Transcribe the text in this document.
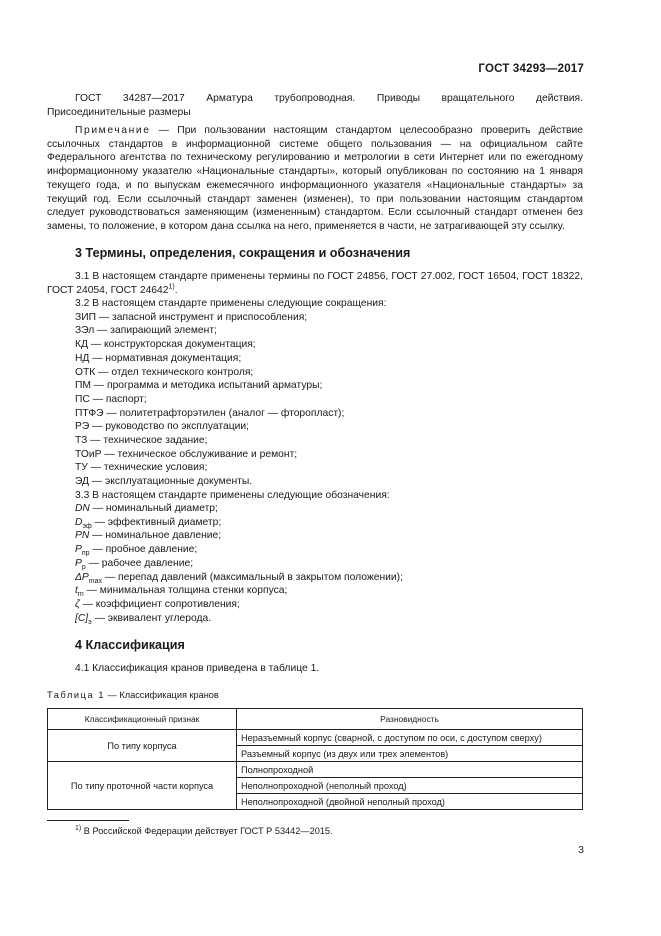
ГОСТ 34293—2017
ГОСТ 34287—2017 Арматура трубопроводная. Приводы вращательного действия.
Присоединительные размеры
Примечание — При пользовании настоящим стандартом целесообразно проверить действие ссылочных стандартов в информационной системе общего пользования — на официальном сайте Федерального агентства по техническому регулированию и метрологии в сети Интернет или по ежегодному информационному указателю «Национальные стандарты», который опубликован по состоянию на 1 января текущего года, и по выпускам ежемесячного информационного указателя «Национальные стандарты» за текущий год. Если ссылочный стандарт заменен (изменен), то при пользовании настоящим стандартом следует руководствоваться заменяющим (измененным) стандартом. Если ссылочный стандарт отменен без замены, то положение, в котором дана ссылка на него, применяется в части, не затрагивающей эту ссылку.
3 Термины, определения, сокращения и обозначения
3.1 В настоящем стандарте применены термины по ГОСТ 24856, ГОСТ 27.002, ГОСТ 16504, ГОСТ 18322, ГОСТ 24054, ГОСТ 24642$^{1)}$.
3.2 В настоящем стандарте применены следующие сокращения:
ЗИП — запасной инструмент и приспособления;
ЗЭл — запирающий элемент;
КД — конструкторская документация;
НД — нормативная документация;
ОТК — отдел технического контроля;
ПМ — программа и методика испытаний арматуры;
ПС — паспорт;
ПТФЭ — политетрафторэтилен (аналог — фторопласт);
РЭ — руководство по эксплуатации;
ТЗ — техническое задание;
ТОиР — техническое обслуживание и ремонт;
ТУ — технические условия;
ЭД — эксплуатационные документы.
3.3 В настоящем стандарте применены следующие обозначения:
DN — номинальный диаметр;
$D_{эф}$ — эффективный диаметр;
PN — номинальное давление;
$P_{пр}$ — пробное давление;
$P_р$ — рабочее давление;
$\Delta P_{max}$ — перепад давлений (максимальный в закрытом положении);
$t_m$ — минимальная толщина стенки корпуса;
ζ — коэффициент сопротивления;
$[C]_э$ — эквивалент углерода.
4 Классификация
4.1 Классификация кранов приведена в таблице 1.
Таблица 1 — Классификация кранов
Классификационный признак	Разновидность
По типу корпуса	Неразъемный корпус (сварной, с доступом по оси, с доступом сверху)
	Разъемный корпус (из двух или трех элементов)
По типу проточной части корпуса	Полнопроходной
	Неполнопроходной (неполный проход)
	Неполнопроходной (двойной неполный проход)
$^{1)}$ В Российской Федерации действует ГОСТ Р 53442—2015.
3
